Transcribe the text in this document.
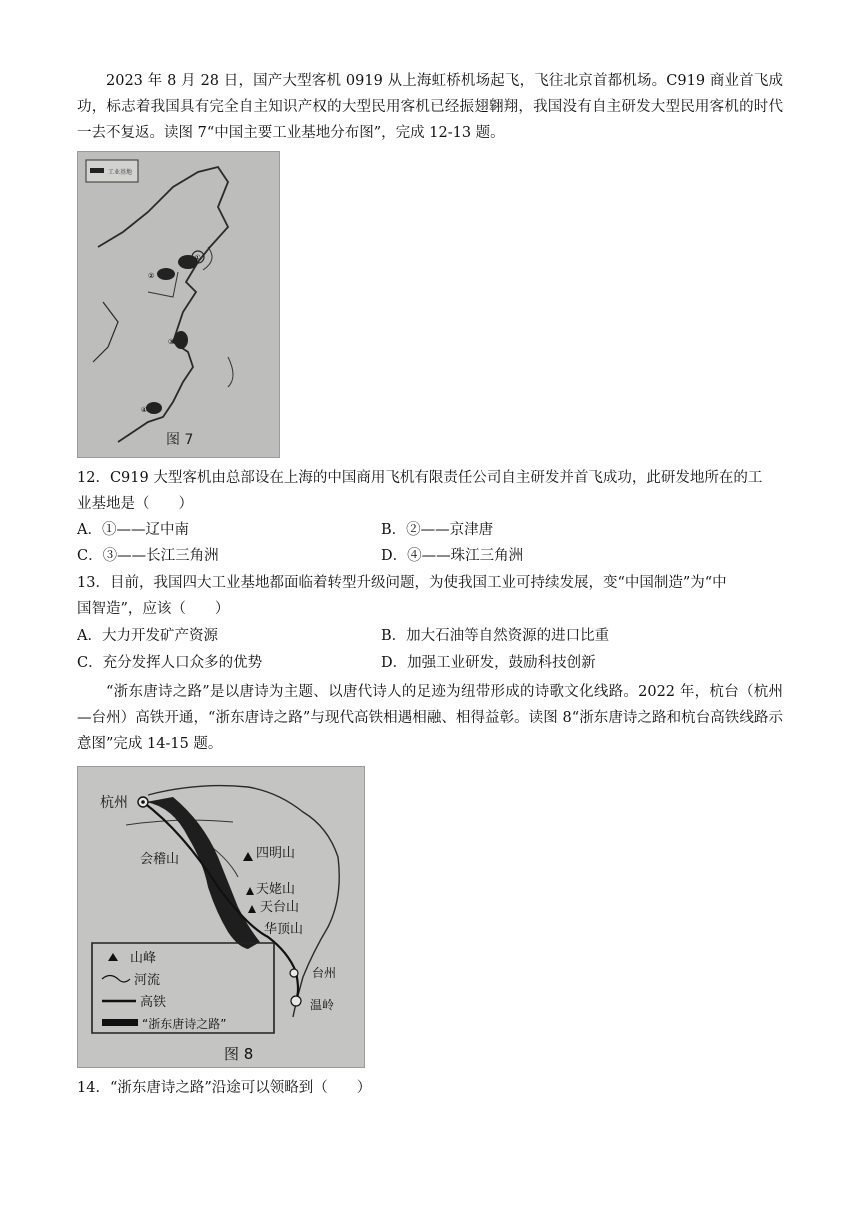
2023 年 8 月 28 日，国产大型客机 0919 从上海虹桥机场起飞，飞往北京首都机场。C919 商业首飞成功，标志着我国具有完全自主知识产权的大型民用客机已经振翅翱翔，我国没有自主研发大型民用客机的时代一去不复返。读图 7“中国主要工业基地分布图”，完成 12-13 题。
工业基地
①
②
③
④
图 7
12．C919 大型客机由总部设在上海的中国商用飞机有限责任公司自主研发并首飞成功，此研发地所在的工
业基地是（　　）
A．①——辽中南	B．②——京津唐
C．③——长江三角洲	D．④——珠江三角洲
13．目前，我国四大工业基地都面临着转型升级问题，为使我国工业可持续发展，变“中国制造”为“中
国智造”，应该（　　）
A．大力开发矿产资源	B．加大石油等自然资源的进口比重
C．充分发挥人口众多的优势	D．加强工业研发，鼓励科技创新
“浙东唐诗之路”是以唐诗为主题、以唐代诗人的足迹为纽带形成的诗歌文化线路。2022 年，杭台（杭州—台州）高铁开通，“浙东唐诗之路”与现代高铁相遇相融、相得益彰。读图 8“浙东唐诗之路和杭台高铁线路示意图”完成 14-15 题。
杭州
台州
温岭
会稽山	四明山
天姥山
天台山
华顶山
山峰
河流
高铁
“浙东唐诗之路”
图 8
14．“浙东唐诗之路”沿途可以领略到（　　）
